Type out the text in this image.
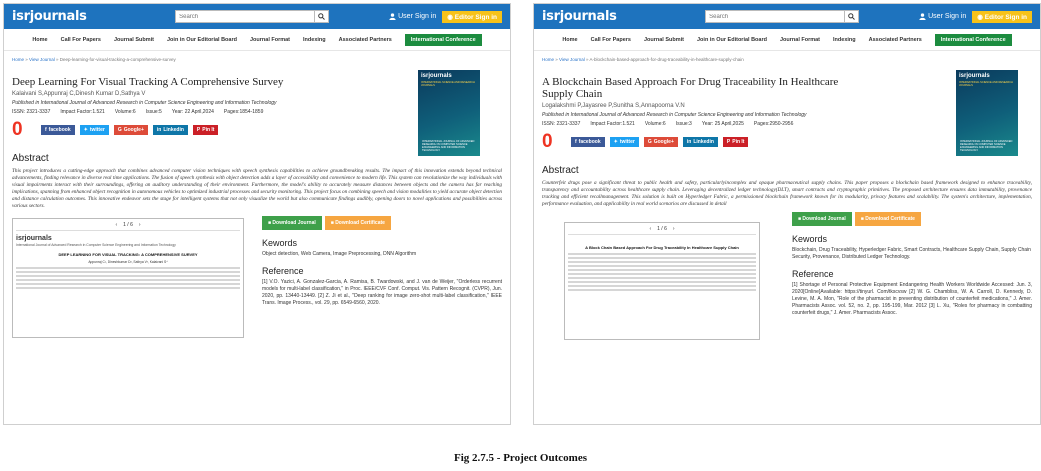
isrjournals
Search	User Sign in	◉ Editor Sign in
Home Call For Papers Journal Submit Join in Our Editorial Board Journal Format Indexing Associated Partners	International Conference
Home » View Journal » Deep-learning-for-visual-tracking-a-comprehensive-survey
Deep Learning For Visual Tracking A Comprehensive Survey
Kalaivani S,Appunraj C,Dinesh Kumar D,Sathya V
Published in International Journal of Advanced Research in Computer Science Engineering and Information Technology
ISSN: 2321-3337 Impact Factor:1.521 Volume:6 Issue:5 Year: 22 April,2024 Pages:1854-1859
0	f facebook	✦ twitter	G Google+	in Linkedin	P Pin It
isrjournals
INTERNATIONAL SCIENCE AND RESEARCH JOURNALS
INTERNATIONAL JOURNAL OF ADVANCED RESEARCH IN COMPUTER SCIENCE ENGINEERING AND INFORMATION TECHNOLOGY
Abstract
This project introduces a cutting-edge approach that combines advanced computer vision techniques with speech synthesis capabilities to achieve groundbreaking results. The impact of this innovation extends beyond technical advancements, finding relevance in diverse real time applications. The fusion of speech synthesis with object detection adds a layer of accessibility and convenience to modern life. This system can revolutionize the way individuals with visual impairments interact with their surroundings, offering an auditory understanding of their environment. Furthermore, the model's ability to accurately measure distances between objects and the camera has far reaching implications, spanning from enhanced object recognition in autonomous vehicles to optimized industrial processes and security monitoring. This project focus on combining speech and vision modalities to yield accurate object detection and distance calculation outcomes. This innovative endeavor sets the stage for intelligent systems that not only visualize the world but also communicate findings audibly, opening doors to novel applications and possibilities across various sectors.
‹ 1 / 6 ›
isrjournals
International Journal of Advanced Research in Computer Science Engineering and Information Technology
DEEP LEARNING FOR VISUAL TRACKING: A COMPREHENSIVE SURVEY
Appunraj C¹, Dineshkumar D², Sathya V³, Kalaivani S⁴
■ Download Journal	■ Download Certificate
Kewords
Object detection, Web Camera, Image Preprocessing, DNN Algorithm
Reference
[1] V.O. Yazici, A. Gonzalez-Garcia, A. Ramisa, B. Twardowski, and J. van de Weijer, "Orderless recurrent models for multi-label classification," in Proc. IEEE/CVF Conf. Comput. Vis. Pattern Recognit. (CVPR), Jun. 2020, pp. 13440-13449. [2] Z. Ji et al., "Deep ranking for image zero-shot multi-label classification," IEEE Trans. Image Process., vol. 29, pp. 6549-6560, 2020.
isrjournals
Search	User Sign in	◉ Editor Sign in
Home Call For Papers Journal Submit Join in Our Editorial Board Journal Format Indexing Associated Partners	International Conference
Home » View Journal » A-blockchain-based-approach-for-drug-traceability-in-healthcare-supply-chain
A Blockchain Based Approach For Drug Traceability In Healthcare Supply Chain
Logalakshmi P,Jayasree P,Sunitha S,Annapoorna V.N
Published in International Journal of Advanced Research in Computer Science Engineering and Information Technology
ISSN: 2321-3337 Impact Factor:1.521 Volume:6 Issue:3 Year: 25 April,2025 Pages:2950-2956
0	f facebook	✦ twitter	G Google+	in Linkedin	P Pin It
isrjournals
INTERNATIONAL SCIENCE AND RESEARCH JOURNALS
INTERNATIONAL JOURNAL OF ADVANCED RESEARCH IN COMPUTER SCIENCE ENGINEERING AND INFORMATION TECHNOLOGY
Abstract
Counterfeit drugs pose a significant threat to public health and safety, particularlyincomplex and opaque pharmaceutical supply chains. This paper proposes a blockchain based framework designed to enhance traceability, transparency and accountability across healthcare supply chain. Leveraging decentralized ledger technology(DLT), smart contracts and cryptographic primitives. The proposed architecture ensures data immutability, provenance tracking and efficient recallmanagement. This solution is built on Hyperledger Fabric, a permissioned blockchain framework known for its modularity, privacy features and scalability. The system's architecture, implementation, performance evaluation, and applicability in real world scenarios are discussed in detail
‹ 1 / 6 ›
A Block Chain Based Approach For Drug Traceability In Healthcare Supply Chain
■ Download Journal	■ Download Certificate
Kewords
Blockchain, Drug Traceability, Hyperledger Fabric, Smart Contracts, Healthcare Supply Chain, Supply Chain Security, Provenance, Distributed Ledger Technology.
Reference
[1] Shortage of Personal Protective Equipment Endangering Health Workers Worldwide Accessed: Jun. 3, 2020[Online]Available: https://tinyurl. Com/tkscvsw [2] W. G. Chambliss, W. A. Carroll, D. Kennedy, D. Levine, M. A. Mon, "Role of the pharmacist in preventing distribution of counterfeit medications," J. Amer. Pharmacists Assoc. vol. 52, no. 2, pp. 195-199, Mar. 2012 [3] L. Xu, "Roles for pharmacy in combatting counterfeit drugs," J. Amer. Pharmacists Assoc.
Fig 2.7.5 - Project Outcomes
